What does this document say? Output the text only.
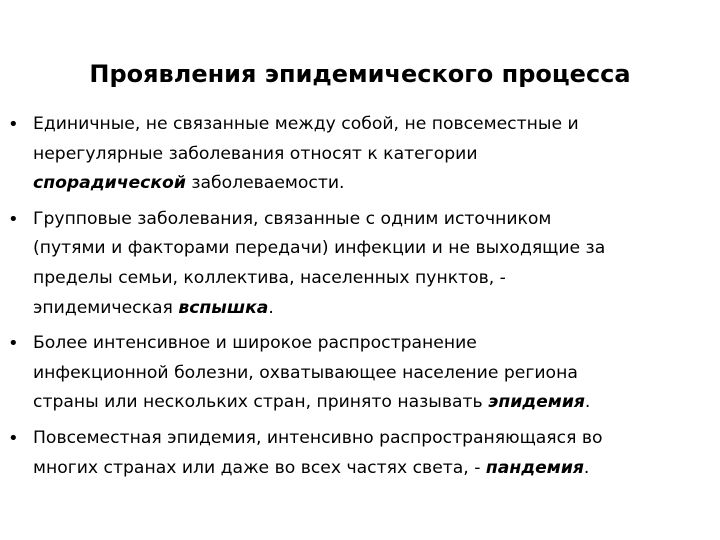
Проявления эпидемического процесса
• Единичные, не связанные между собой, не повсеместные и
нерегулярные заболевания относят к категории
спорадической заболеваемости.
• Групповые заболевания, связанные с одним источником
(путями и факторами передачи) инфекции и не выходящие за
пределы семьи, коллектива, населенных пунктов, -
эпидемическая вспышка.
• Более интенсивное и широкое распространение
инфекционной болезни, охватывающее население региона
страны или нескольких стран, принято называть эпидемия.
• Повсеместная эпидемия, интенсивно распространяющаяся во
многих странах или даже во всех частях света, - пандемия.
